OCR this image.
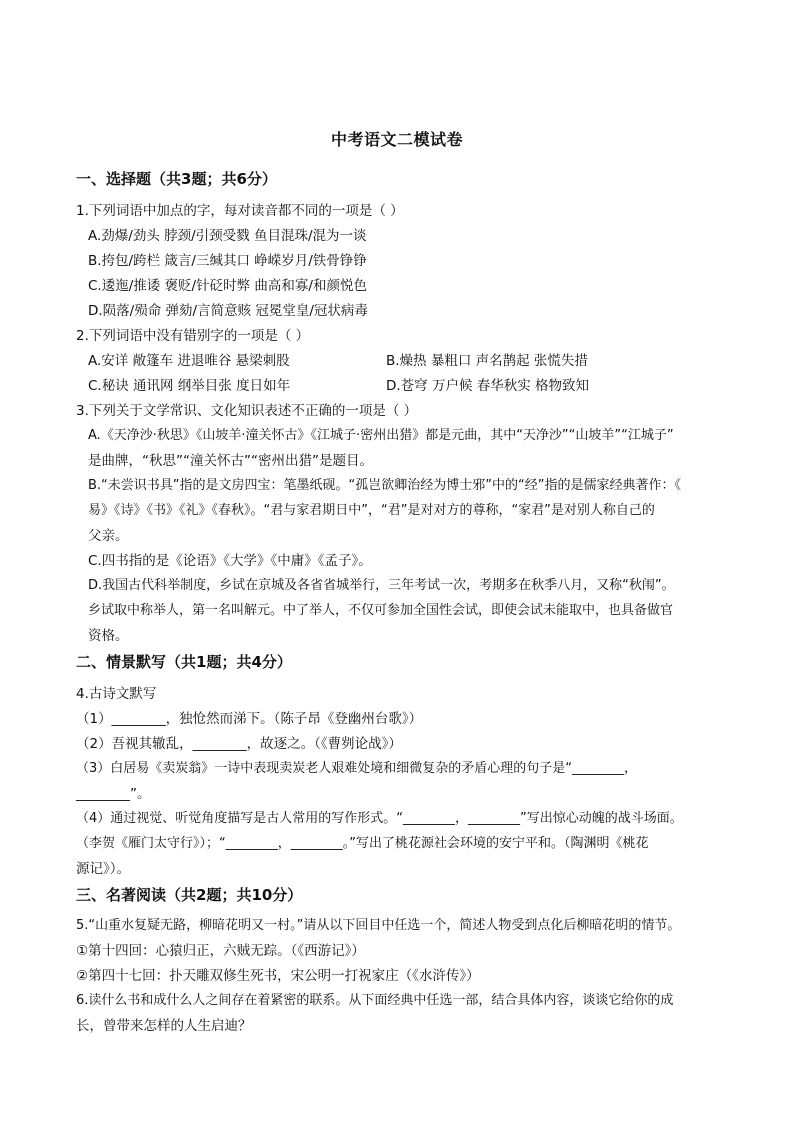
中考语文二模试卷
一、选择题（共3题；共6分）
1.下列词语中加点的字，每对读音都不同的一项是（ ）
A.劲爆/劲头 脖颈/引颈受戮 鱼目混珠/混为一谈
B.挎包/跨栏 箴言/三缄其口 峥嵘岁月/铁骨铮铮
C.逶迤/推诿 褒贬/针砭时弊 曲高和寡/和颜悦色
D.陨落/殒命 弹劾/言简意赅 冠冕堂皇/冠状病毒
2.下列词语中没有错别字的一项是（ ）
A.安详 敞篷车 进退唯谷 悬梁刺股	B.燥热 暴粗口 声名鹊起 张慌失措
C.秘诀 通讯网 纲举目张 度日如年	D.苍穹 万户候 春华秋实 格物致知
3.下列关于文学常识、文化知识表述不正确的一项是（ ）
A.《天净沙·秋思》《山坡羊·潼关怀古》《江城子·密州出猎》都是元曲，其中“天净沙”“山坡羊”“江城子”
是曲牌，“秋思”“潼关怀古”“密州出猎”是题目。
B.“未尝识书具”指的是文房四宝：笔墨纸砚。“孤岂欲卿治经为博士邪”中的“经”指的是儒家经典著作：《
易》《诗》《书》《礼》《春秋》。“君与家君期日中”，“君”是对对方的尊称，“家君”是对别人称自己的
父亲。
C.四书指的是《论语》《大学》《中庸》《孟子》。
D.我国古代科举制度，乡试在京城及各省省城举行，三年考试一次，考期多在秋季八月，又称“秋闱”。
乡试取中称举人，第一名叫解元。中了举人，不仅可参加全国性会试，即使会试未能取中，也具备做官
资格。
二、情景默写（共1题；共4分）
4.古诗文默写
（1）________，独怆然而涕下。（陈子昂《登幽州台歌》）
（2）吾视其辙乱，________，故逐之。（《曹刿论战》）
（3）白居易《卖炭翁》一诗中表现卖炭老人艰难处境和细微复杂的矛盾心理的句子是“________，
________”。
（4）通过视觉、听觉角度描写是古人常用的写作形式。“________，________”写出惊心动魄的战斗场面。
（李贺《雁门太守行》）；“________，________。”写出了桃花源社会环境的安宁平和。（陶渊明《桃花
源记》）。
三、名著阅读（共2题；共10分）
5.“山重水复疑无路，柳暗花明又一村。”请从以下回目中任选一个，简述人物受到点化后柳暗花明的情节。
①第十四回：心猿归正，六贼无踪。（《西游记》）
②第四十七回：扑天雕双修生死书，宋公明一打祝家庄（《水浒传》）
6.读什么书和成什么人之间存在着紧密的联系。从下面经典中任选一部，结合具体内容，谈谈它给你的成
长，曾带来怎样的人生启迪？
